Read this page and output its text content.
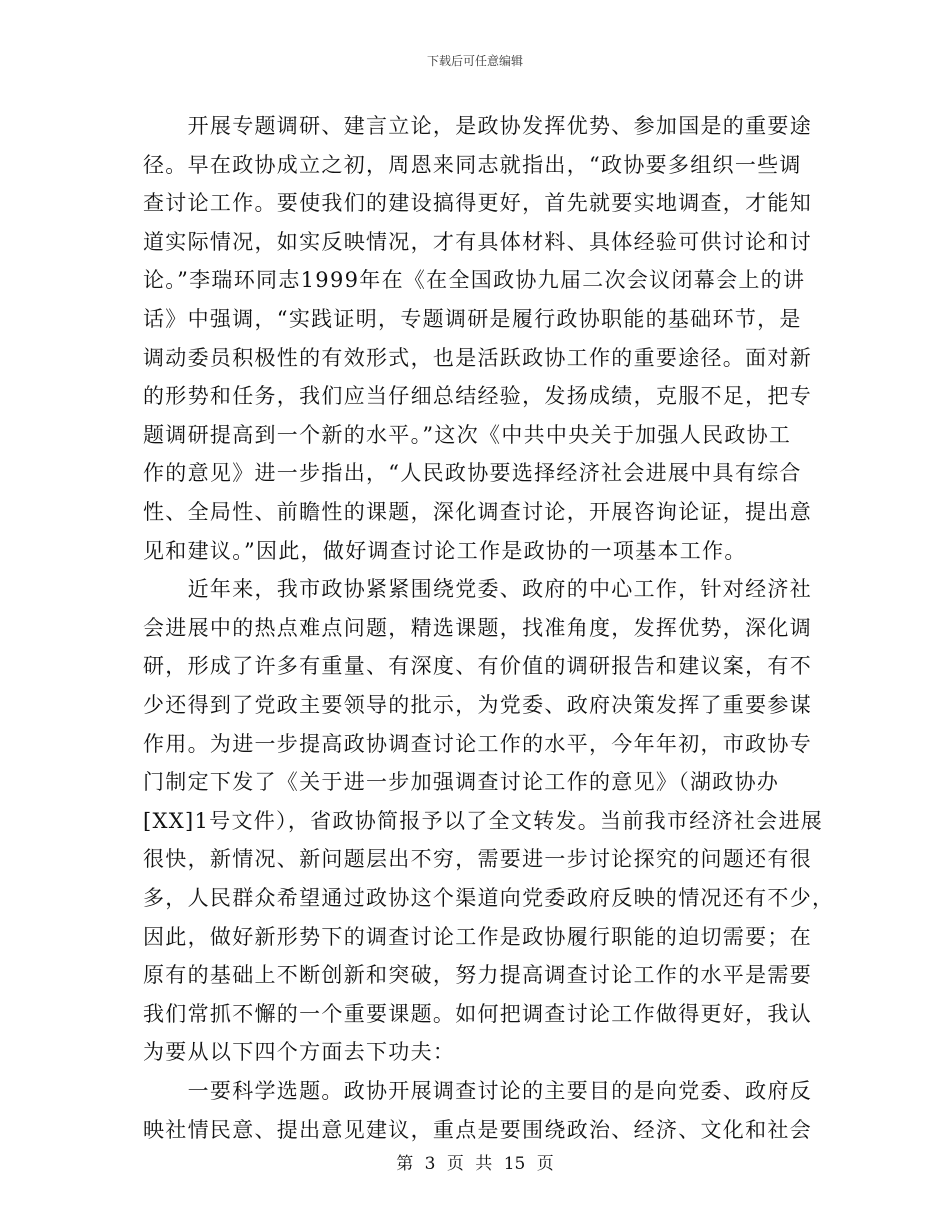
下载后可任意编辑
　　开展专题调研、建言立论，是政协发挥优势、参加国是的重要途
径。早在政协成立之初，周恩来同志就指出，“政协要多组织一些调
查讨论工作。要使我们的建设搞得更好，首先就要实地调查，才能知
道实际情况，如实反映情况，才有具体材料、具体经验可供讨论和讨
论。”李瑞环同志1999年在《在全国政协九届二次会议闭幕会上的讲
话》中强调，“实践证明，专题调研是履行政协职能的基础环节，是
调动委员积极性的有效形式，也是活跃政协工作的重要途径。面对新
的形势和任务，我们应当仔细总结经验，发扬成绩，克服不足，把专
题调研提高到一个新的水平。”这次《中共中央关于加强人民政协工
作的意见》进一步指出，“人民政协要选择经济社会进展中具有综合
性、全局性、前瞻性的课题，深化调查讨论，开展咨询论证，提出意
见和建议。”因此，做好调查讨论工作是政协的一项基本工作。
　　近年来，我市政协紧紧围绕党委、政府的中心工作，针对经济社
会进展中的热点难点问题，精选课题，找准角度，发挥优势，深化调
研，形成了许多有重量、有深度、有价值的调研报告和建议案，有不
少还得到了党政主要领导的批示，为党委、政府决策发挥了重要参谋
作用。为进一步提高政协调查讨论工作的水平，今年年初，市政协专
门制定下发了《关于进一步加强调查讨论工作的意见》（湖政协办
[XX]1号文件），省政协简报予以了全文转发。当前我市经济社会进展
很快，新情况、新问题层出不穷，需要进一步讨论探究的问题还有很
多，人民群众希望通过政协这个渠道向党委政府反映的情况还有不少，
因此，做好新形势下的调查讨论工作是政协履行职能的迫切需要；在
原有的基础上不断创新和突破，努力提高调查讨论工作的水平是需要
我们常抓不懈的一个重要课题。如何把调查讨论工作做得更好，我认
为要从以下四个方面去下功夫：
第 3 页 共 15 页
　　一要科学选题。政协开展调查讨论的主要目的是向党委、政府反
映社情民意、提出意见建议，重点是要围绕政治、经济、文化和社会
